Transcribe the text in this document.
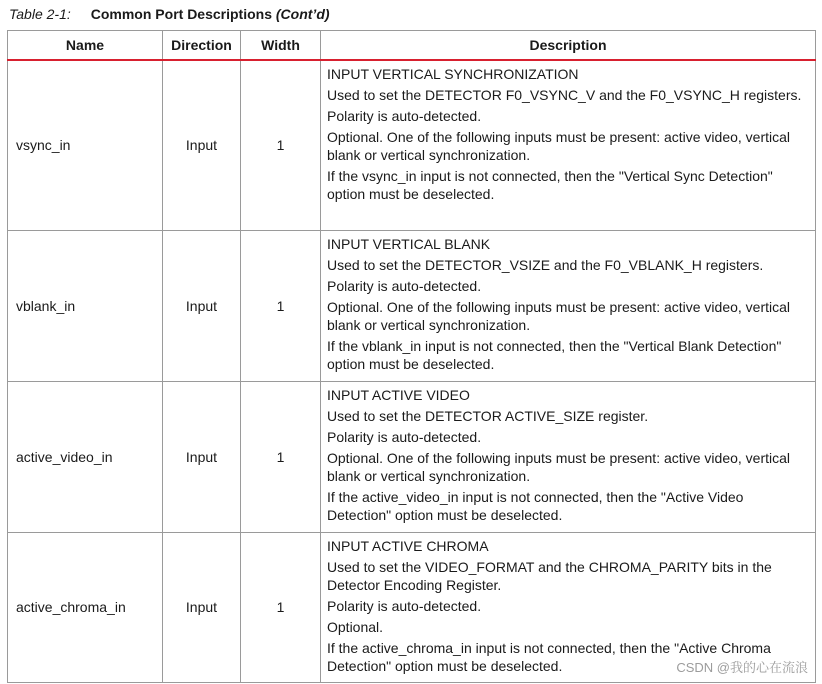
Table 2-1: Common Port Descriptions (Cont’d)
Name	Direction	Width	Description
vsync_in	Input	1	INPUT VERTICAL SYNCHRONIZATION

Used to set the DETECTOR F0_VSYNC_V and the F0_VSYNC_H registers.

Polarity is auto-detected.

Optional. One of the following inputs must be present: active video, vertical blank or vertical synchronization.

If the vsync_in input is not connected, then the "Vertical Sync Detection" option must be deselected.

vblank_in	Input	1	INPUT VERTICAL BLANK

Used to set the DETECTOR_VSIZE and the F0_VBLANK_H registers.

Polarity is auto-detected.

Optional. One of the following inputs must be present: active video, vertical blank or vertical synchronization.

If the vblank_in input is not connected, then the "Vertical Blank Detection" option must be deselected.

active_video_in	Input	1	INPUT ACTIVE VIDEO

Used to set the DETECTOR ACTIVE_SIZE register.

Polarity is auto-detected.

Optional. One of the following inputs must be present: active video, vertical blank or vertical synchronization.

If the active_video_in input is not connected, then the "Active Video Detection" option must be deselected.

active_chroma_in	Input	1	INPUT ACTIVE CHROMA

Used to set the VIDEO_FORMAT and the CHROMA_PARITY bits in the Detector Encoding Register.

Polarity is auto-detected.

Optional.

If the active_chroma_in input is not connected, then the "Active Chroma Detection" option must be deselected.	CSDN @我的心在流浪
